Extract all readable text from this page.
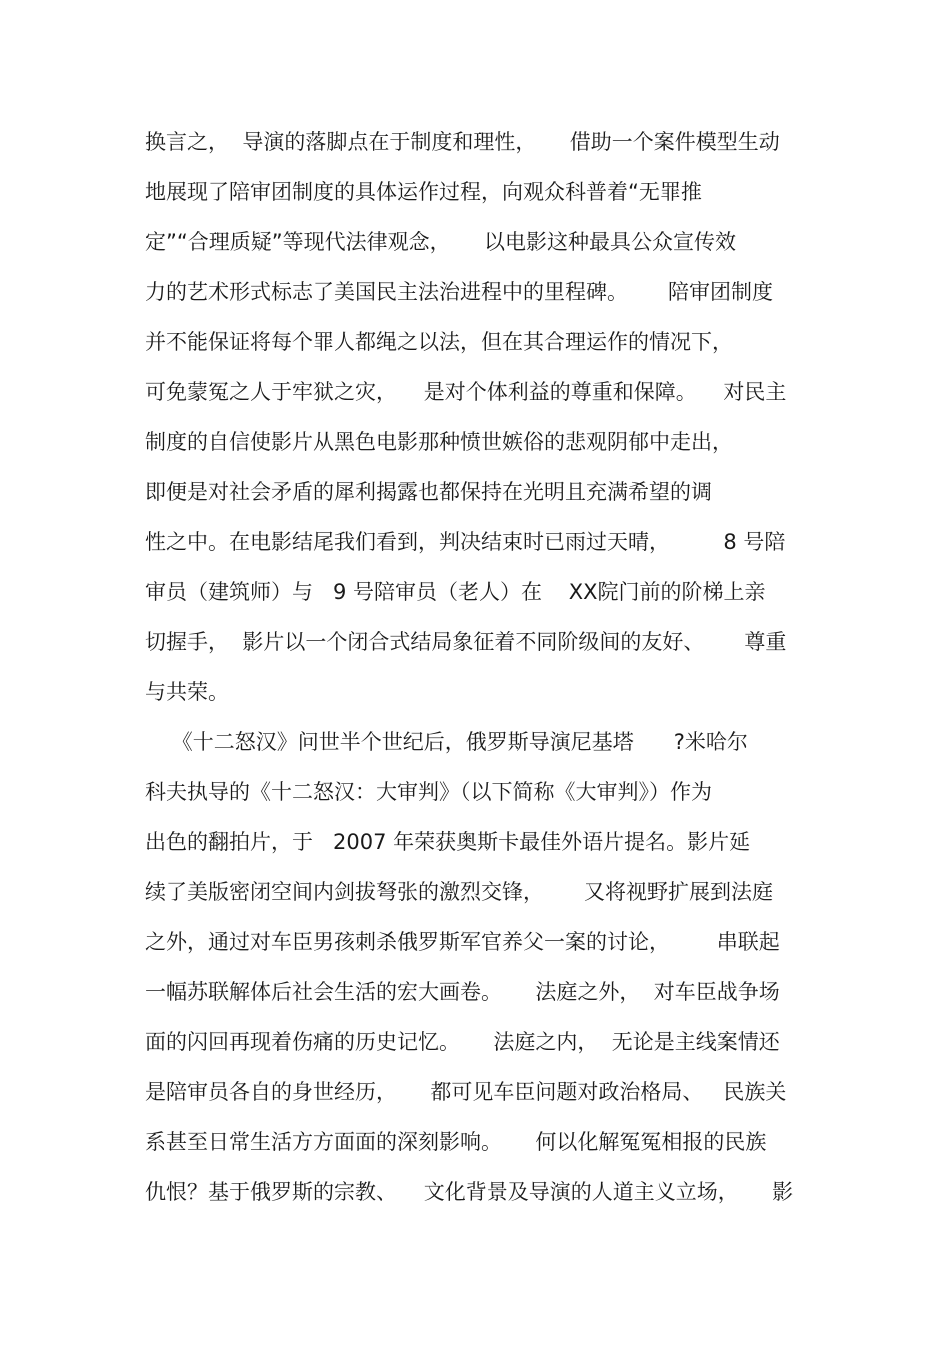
换言之，  导演的落脚点在于制度和理性，     借助一个案件模型生动
地展现了陪审团制度的具体运作过程，向观众科普着“无罪推
定”“合理质疑”等现代法律观念，     以电影这种最具公众宣传效
力的艺术形式标志了美国民主法治进程中的里程碑。      陪审团制度
并不能保证将每个罪人都绳之以法，但在其合理运作的情况下，
可免蒙冤之人于牢狱之灾，    是对个体利益的尊重和保障。    对民主
制度的自信使影片从黑色电影那种愤世嫉俗的悲观阴郁中走出，
即便是对社会矛盾的犀利揭露也都保持在光明且充满希望的调
性之中。在电影结尾我们看到，判决结束时已雨过天晴，        8 号陪
审员（建筑师）与   9 号陪审员（老人）在    XX院门前的阶梯上亲
切握手，  影片以一个闭合式结局象征着不同阶级间的友好、      尊重
与共荣。
《十二怒汉》问世半个世纪后，俄罗斯导演尼基塔      ?米哈尔
科夫执导的《十二怒汉：大审判》（以下简称《大审判》）作为
出色的翻拍片，于   2007 年荣获奥斯卡最佳外语片提名。影片延
续了美版密闭空间内剑拔弩张的激烈交锋，      又将视野扩展到法庭
之外，通过对车臣男孩刺杀俄罗斯军官养父一案的讨论，       串联起
一幅苏联解体后社会生活的宏大画卷。     法庭之外，  对车臣战争场
面的闪回再现着伤痛的历史记忆。     法庭之内，  无论是主线案情还
是陪审员各自的身世经历，     都可见车臣问题对政治格局、   民族关
系甚至日常生活方方面面的深刻影响。     何以化解冤冤相报的民族
仇恨？基于俄罗斯的宗教、    文化背景及导演的人道主义立场，     影
